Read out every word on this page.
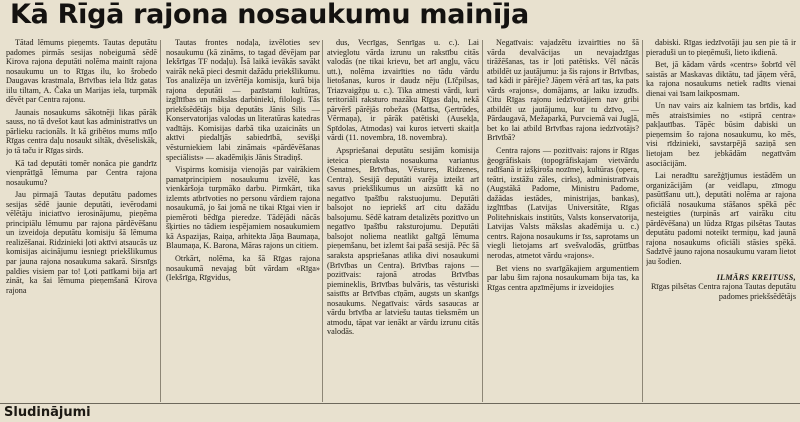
Kā Rīgā rajona nosaukumu mainīja

Tātad lēmums pieņemts. Tautas deputātu padomes pirmās sesijas nobeigumā sēdē Kirova rajona deputāti nolēma mainīt rajona nosaukumu un to Rīgas ilu, ko šrobedo Daugavas krastmala, Brīvības iela līdz gatas iilu tiltam, A. Čaka un Marijas iela, turpmāk dēvēt par Centra rajonu.

Jaunais nosaukums sākotnēji likas pārāk sauss, no tā dvešot kaut kas administratīvs un pārlieku racionāls. It kā gribētos mums mīļo Rīgas centra daļu nosaukt siltāk, dvēseliskāk, jo tā taču ir Rīgas sirds.

Kā tad deputāti tomēr nonāca pie gandrīz vienprātīgā lēmuma par Centra rajona nosaukumu?

Jau pirmajā Tautas deputātu padomes sesijas sēdē jaunie deputāti, ievērodami vēlētāju iniciatīvo ierosinājumu, pieņēma principiālu lēmumu par rajona pārdēvēšanu un izveidoja deputātu komisiju šā lēmuma realizēšanai. Ridzinieki ļoti aktīvi atsaucās uz komisijas aicinājumu iesniegt priekšlikumus par jauna rajona nosaukuma sakarā. Sirsnīgs paldies visiem par to! Ļoti patīkami bija arī zināt, ka šai lēmuma pieņemšanā Kirova rajona

Tautas frontes nodaļa, izvēloties sev nosaukumu (kā zināms, to tagad dēvējam par Iekšrīgas TF nodaļu). Īsā laikā ievākās savākt vairāk nekā pieci desmit dažādu priekšlikumu. Tos analizēja un izvērtēja komisija, kurā bija rajona deputāti — pazīstami kultūras, izglītības un mākslas darbinieki, filologi. Tās priekšsēdētājs bija deputāts Jānis Silis — Konservatorijas valodas un literatūras katedras vadītājs. Komisijas darbā tika uzaicināts un aktīvi piedalījās sabiedrībā, sevišķi vēsturniekiem labi zināmais «pārdēvēšanas speciālists» — akadēmiķis Jānis Stradiņš.

Vispirms komisija vienojās par vairākiem pamatprincipiem nosaukumu izvēlē, kas vienkāršoja turpmāko darbu. Pirmkārt, tika izlemts atbrīvoties no personu vārdiem rajona nosaukumā, jo šai jomā ne tikai Rīgai vien ir piemēroti bēdīga pieredze. Tādējādi nācās šķirties no tādiem iespējamiem nosaukumiem kā Aspazijas, Raiņa, arhitekta Jāņa Baumaņa, Blaumaņa, K. Barona, Māras rajons un citiem.

Otrkārt, nolēma, ka šā Rīgas rajona nosaukumā nevajag būt vārdam «Rīga» (Iekšrīga, Rīgvidus,

dus, Vecrīgas, Senrīgas u. c.). Lai atvieglotu vārda izrunu un rakstību citās valodās (ne tikai krievu, bet arī angļu, vācu utt.), nolēma izvairīties no tādu vārdu lietošanas, kuros ir daudz nēju (Līčpilsas, Triazvaigžņu u. c.). Tika atmesti vārdi, kuri teritoriāli raksturo mazāku Rīgas daļu, nekā pārvērš pārējās robežas (Matīsa, Ģertrūdes, Vērmaņa), ir pārāk patētiski (Ausekļa, Spīdolas, Atmodas) vai kuros ietverti skaitļa vārdi (11. novembra, 18. novembra).

Apspriešanai deputātu sesijām komisija ieteica pieraksta nosaukuma variantus (Senatnes, Brīvības, Vēstures, Ridzenes, Centra). Sesijā deputāti varēja izteikt arī savus priekšlikumus un aizsūtīt kā no negatīvo īpašību rakstuojumu. Deputāti balsojot no iepriekš arī citu dažādu balsojumu. Sēdē katram detalizēts pozitīvo un negatīvo īpašību raksturojumu. Deputāti balsojot noliema neatlikt galīgā lēmuma pieņemšanu, bet izlemt šai pašā sesijā. Pēc šā saraksta apspriešanas atlika divi nosaukumi (Brīvības un Centra). Brīvības rajons — pozitīvais: rajonā atrodas Brīvības piemineklis, Brīvības bulvāris, tas vēsturiski saistīts ar Brīvības cīņām, augsts un skanīgs nosaukums. Negatīvais: vārds sasaucas ar vārdu brīvība ar latviešu tautas tieksmēm un atmodu, tāpat var ienākt ar vārdu izrunu citās valodās.

Negatīvais: vajadzētu izvairīties no šā vārda devalvācijas un nevajadzīgas tirāžēšanas, tas ir ļoti patētisks. Vēl nācās atbildēt uz jautājumu: ja šis rajons ir Brīvības, tad kādi ir pārējie? Jāņem vērā arī tas, ka pats vārds «rajons», domājams, ar laiku izzudīs. Citu Rīgas rajonu iedzīvotājiem nav gribi atbildēt uz jautājumu, kur tu dzīvo, — Pārdaugavā, Mežaparkā, Purvciemā vai Jugļā, bet ko lai atbild Brīvības rajona iedzīvotājs? Brīvībā?

Centra rajons — pozitīvais: rajons ir Rīgas ģeogrāfiskais (topogrāfiskajam vietvārdu radīšanā ir izšķiroša nozīme), kultūras (opera, teātri, izstāžu zāles, cirks), administratīvais (Augstākā Padome, Ministru Padome, dažādas iestādes, ministrijas, bankas), izglītības (Latvijas Universitāte, Rīgas Politehniskais institūts, Valsts konservatorija, Latvijas Valsts mākslas akadēmija u. c.) centrs. Rajona nosaukums ir īss, saprotams un viegli lietojams arī svešvalodās, grūtības nerodas, atmetot vārdu «rajons».

Bet viens no svarīgākajiem argumentiem par labu šim rajona nosaukumam bija tas, ka Rīgas centra apzīmējums ir izveidojies

dabiski. Rīgas iedzīvotāji jau sen pie tā ir pieraduši un to pieņēmuši, lieto ikdienā.

Bet, jā kādam vārds «centrs» šobrīd vēl saistās ar Maskavas diktātu, tad jāņem vērā, ka rajona nosaukums netiek radīts vienai dienai vai īsam laikposmam.

Un nav vairs aiz kalniem tas brīdis, kad mēs atraisīsimies no «stiprā centra» pakļautības. Tāpēc būsim dabiski un pieņemsim šo rajona nosaukumu, ko mēs, visi rīdzinieki, savstarpējā saziņā sen lietojam bez jebkādām negatīvām asociācijām.

Lai neradītu sarežģījumus iestādēm un organizācijām (ar veidlapu, zīmogu pasūtīšanu utt.), deputāti nolēma ar rajona oficiālā nosaukuma stāšanos spēkā pēc nesteigties (turpinās arī vairāku citu pārdēvēšana) un lūdza Rīgas pilsētas Tautas deputātu padomi noteikt termiņu, kad jaunā rajona nosaukums oficiāli stāsies spēkā. Sadzīvē jauno rajona nosaukumu varam lietot jau šodien.

ILMĀRS KREITUSS,
Rīgas pilsētas Centra rajona Tautas deputātu padomes priekšsēdētājs
Sludinājumi
